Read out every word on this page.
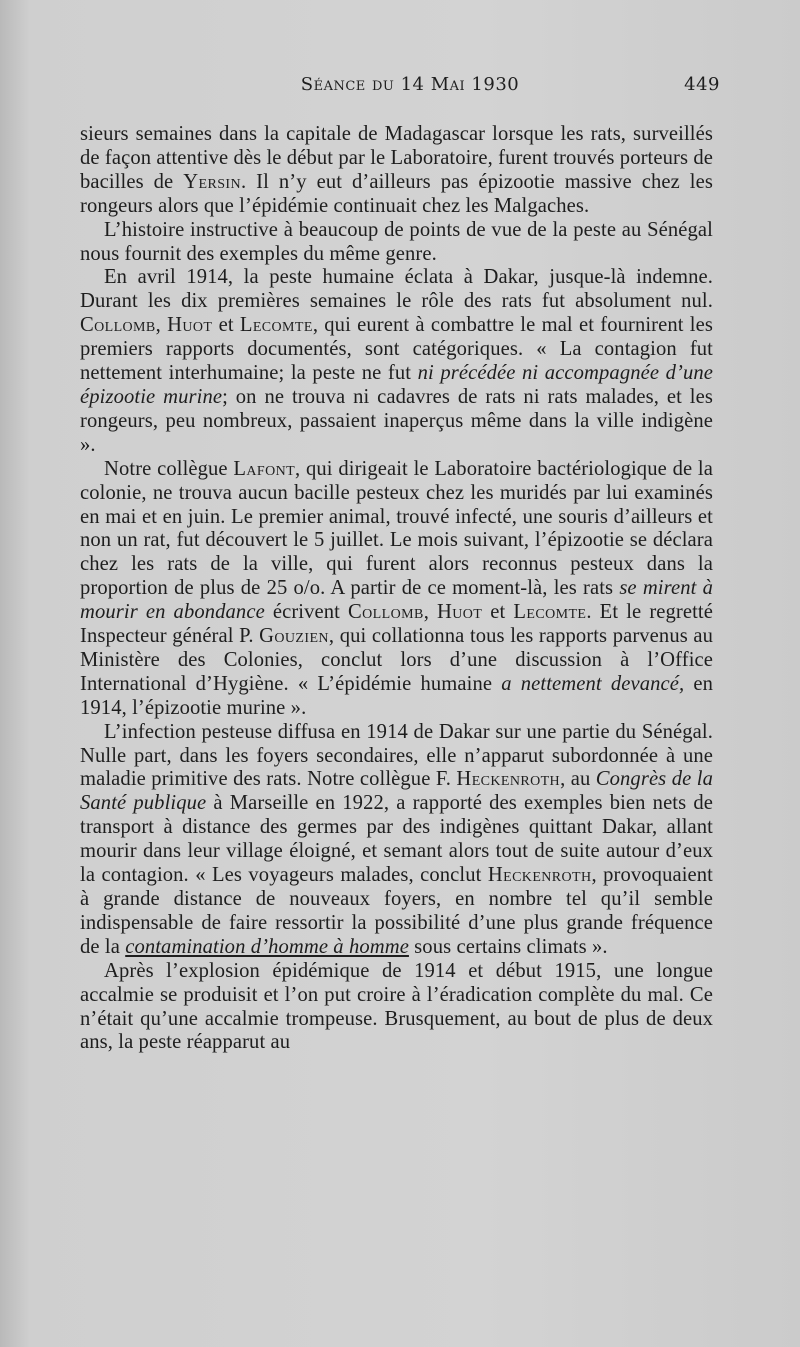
Séance du 14 Mai 1930	449

sieurs semaines dans la capitale de Madagascar lorsque les rats, surveillés de façon attentive dès le début par le Laboratoire, furent trouvés porteurs de bacilles de Yersin. Il n’y eut d’ailleurs pas épizootie massive chez les rongeurs alors que l’épidémie continuait chez les Malgaches.

L’histoire instructive à beaucoup de points de vue de la peste au Sénégal nous fournit des exemples du même genre.

En avril 1914, la peste humaine éclata à Dakar, jusque-là indemne. Durant les dix premières semaines le rôle des rats fut absolument nul. Collomb, Huot et Lecomte, qui eurent à combattre le mal et fournirent les premiers rapports documentés, sont catégoriques. « La contagion fut nettement interhumaine; la peste ne fut ni précédée ni accompagnée d’une épizootie murine; on ne trouva ni cadavres de rats ni rats malades, et les rongeurs, peu nombreux, passaient inaperçus même dans la ville indigène ».

Notre collègue Lafont, qui dirigeait le Laboratoire bactériologique de la colonie, ne trouva aucun bacille pesteux chez les muridés par lui examinés en mai et en juin. Le premier animal, trouvé infecté, une souris d’ailleurs et non un rat, fut découvert le 5 juillet. Le mois suivant, l’épizootie se déclara chez les rats de la ville, qui furent alors reconnus pesteux dans la proportion de plus de 25 o/o. A partir de ce moment-là, les rats se mirent à mourir en abondance écrivent Collomb, Huot et Lecomte. Et le regretté Inspecteur général P. Gouzien, qui collationna tous les rapports parvenus au Ministère des Colonies, conclut lors d’une discussion à l’Office International d’Hygiène. « L’épidémie humaine a nettement devancé, en 1914, l’épizootie murine ».

L’infection pesteuse diffusa en 1914 de Dakar sur une partie du Sénégal. Nulle part, dans les foyers secondaires, elle n’apparut subordonnée à une maladie primitive des rats. Notre collègue F. Heckenroth, au Congrès de la Santé publique à Marseille en 1922, a rapporté des exemples bien nets de transport à distance des germes par des indigènes quittant Dakar, allant mourir dans leur village éloigné, et semant alors tout de suite autour d’eux la contagion. « Les voyageurs malades, conclut Heckenroth, provoquaient à grande distance de nouveaux foyers, en nombre tel qu’il semble indispensable de faire ressortir la possibilité d’une plus grande fréquence de la contamination d’homme à homme sous certains climats ».

Après l’explosion épidémique de 1914 et début 1915, une longue accalmie se produisit et l’on put croire à l’éradication complète du mal. Ce n’était qu’une accalmie trompeuse. Brusquement, au bout de plus de deux ans, la peste réapparut au
